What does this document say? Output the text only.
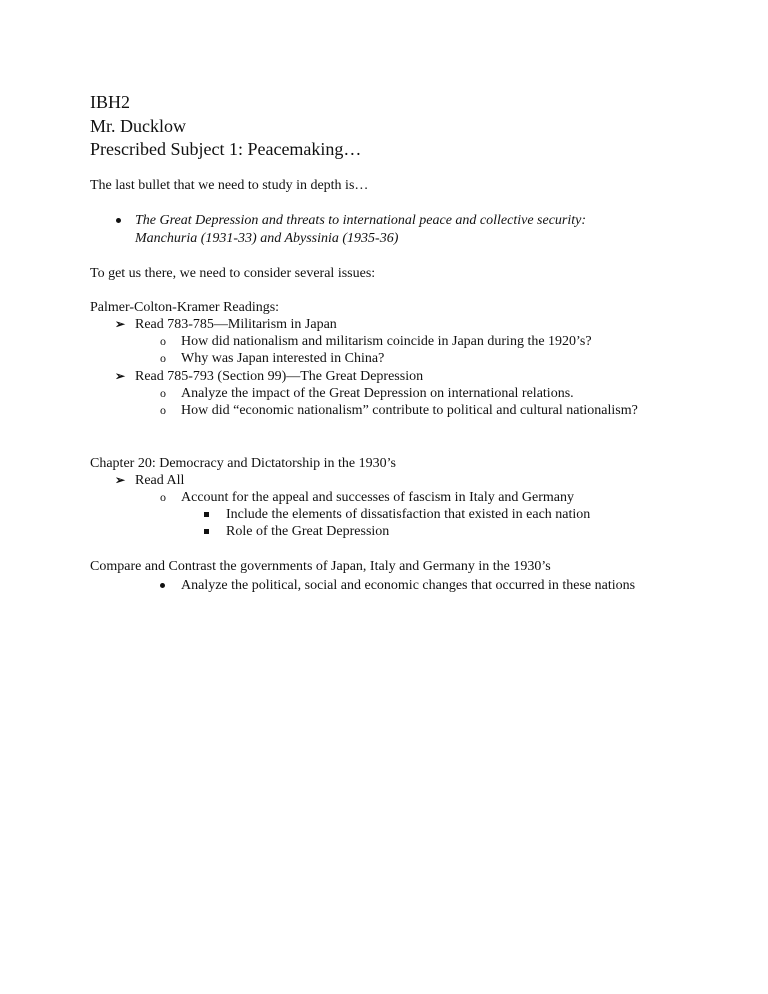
IBH2
Mr. Ducklow
Prescribed Subject 1: Peacemaking…
The last bullet that we need to study in depth is…
The Great Depression and threats to international peace and collective security:
Manchuria (1931-33) and Abyssinia (1935-36)
To get us there, we need to consider several issues:
Palmer-Colton-Kramer Readings:
➢ Read 783-785—Militarism in Japan
o How did nationalism and militarism coincide in Japan during the 1920’s?
o Why was Japan interested in China?
➢ Read 785-793 (Section 99)—The Great Depression
o Analyze the impact of the Great Depression on international relations.
o How did “economic nationalism” contribute to political and cultural nationalism?
Chapter 20: Democracy and Dictatorship in the 1930’s
➢ Read All
o Account for the appeal and successes of fascism in Italy and Germany
Include the elements of dissatisfaction that existed in each nation
Role of the Great Depression
Compare and Contrast the governments of Japan, Italy and Germany in the 1930’s
Analyze the political, social and economic changes that occurred in these nations
